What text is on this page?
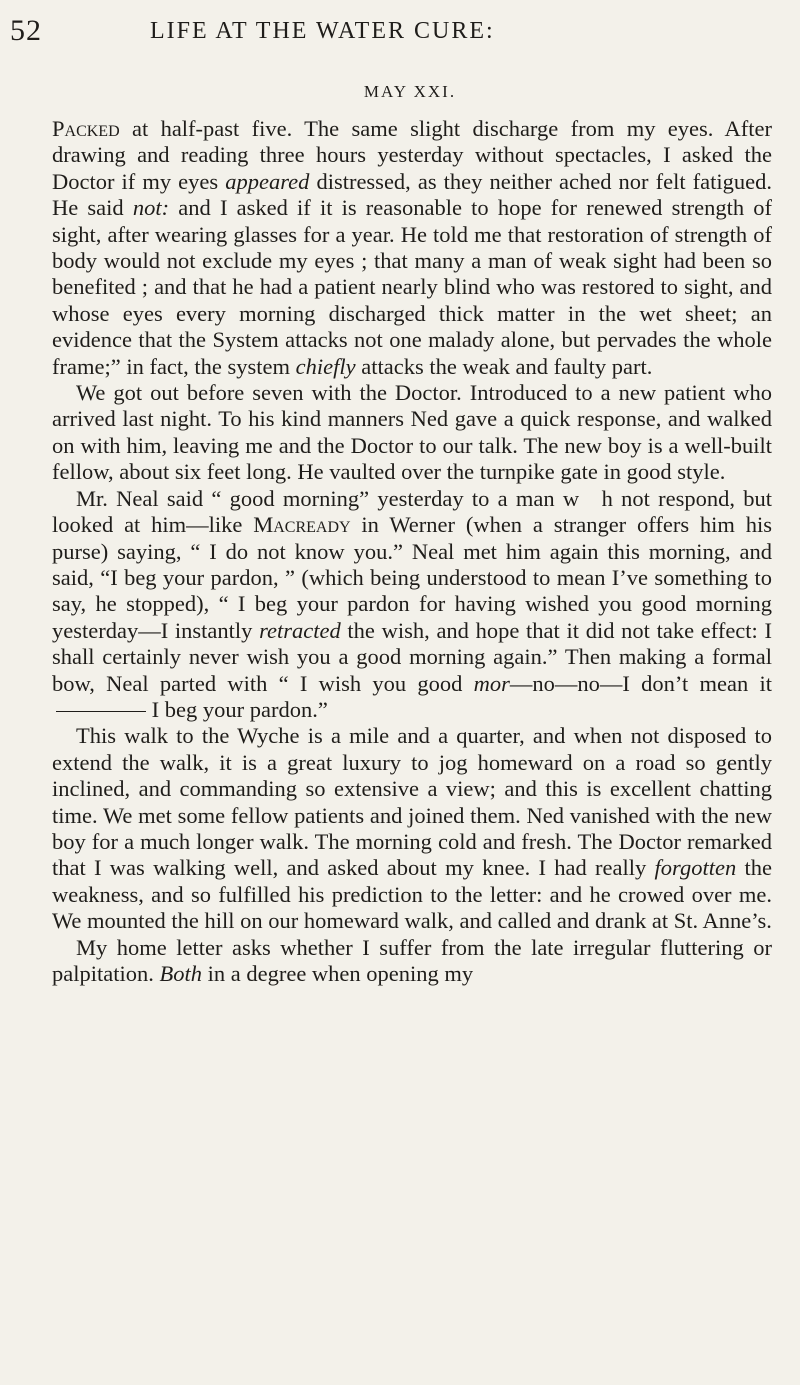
52	LIFE AT THE WATER CURE:
MAY XXI.

Packed at half-past five. The same slight discharge from my eyes. After drawing and reading three hours yesterday without spectacles, I asked the Doctor if my eyes appeared distressed, as they neither ached nor felt fatigued. He said not: and I asked if it is reasonable to hope for renewed strength of sight, after wearing glasses for a year. He told me that restoration of strength of body would not exclude my eyes ; that many a man of weak sight had been so benefited ; and that he had a patient nearly blind who was restored to sight, and whose eyes every morning discharged thick matter in the wet sheet; an evidence that the System attacks not one malady alone, but pervades the whole frame;” in fact, the system chiefly attacks the weak and faulty part.

We got out before seven with the Doctor. Introduced to a new patient who arrived last night. To his kind manners Ned gave a quick response, and walked on with him, leaving me and the Doctor to our talk. The new boy is a well-built fellow, about six feet long. He vaulted over the turnpike gate in good style.

Mr. Neal said “ good morning” yesterday to a man w h not respond, but looked at him—like Macready in Werner (when a stranger offers him his purse) saying, “ I do not know you.” Neal met him again this morning, and said, “I beg your pardon, ” (which being understood to mean I’ve something to say, he stopped), “ I beg your pardon for having wished you good morning yesterday—I instantly retracted the wish, and hope that it did not take effect: I shall certainly never wish you a good morning again.” Then making a formal bow, Neal parted with “ I wish you good mor—no—no—I don’t mean it I beg your pardon.”

This walk to the Wyche is a mile and a quarter, and when not disposed to extend the walk, it is a great luxury to jog homeward on a road so gently inclined, and commanding so extensive a view; and this is excellent chatting time. We met some fellow patients and joined them. Ned vanished with the new boy for a much longer walk. The morning cold and fresh. The Doctor remarked that I was walking well, and asked about my knee. I had really forgotten the weakness, and so fulfilled his prediction to the letter: and he crowed over me. We mounted the hill on our homeward walk, and called and drank at St. Anne’s.

My home letter asks whether I suffer from the late irregular fluttering or palpitation. Both in a degree when opening my
